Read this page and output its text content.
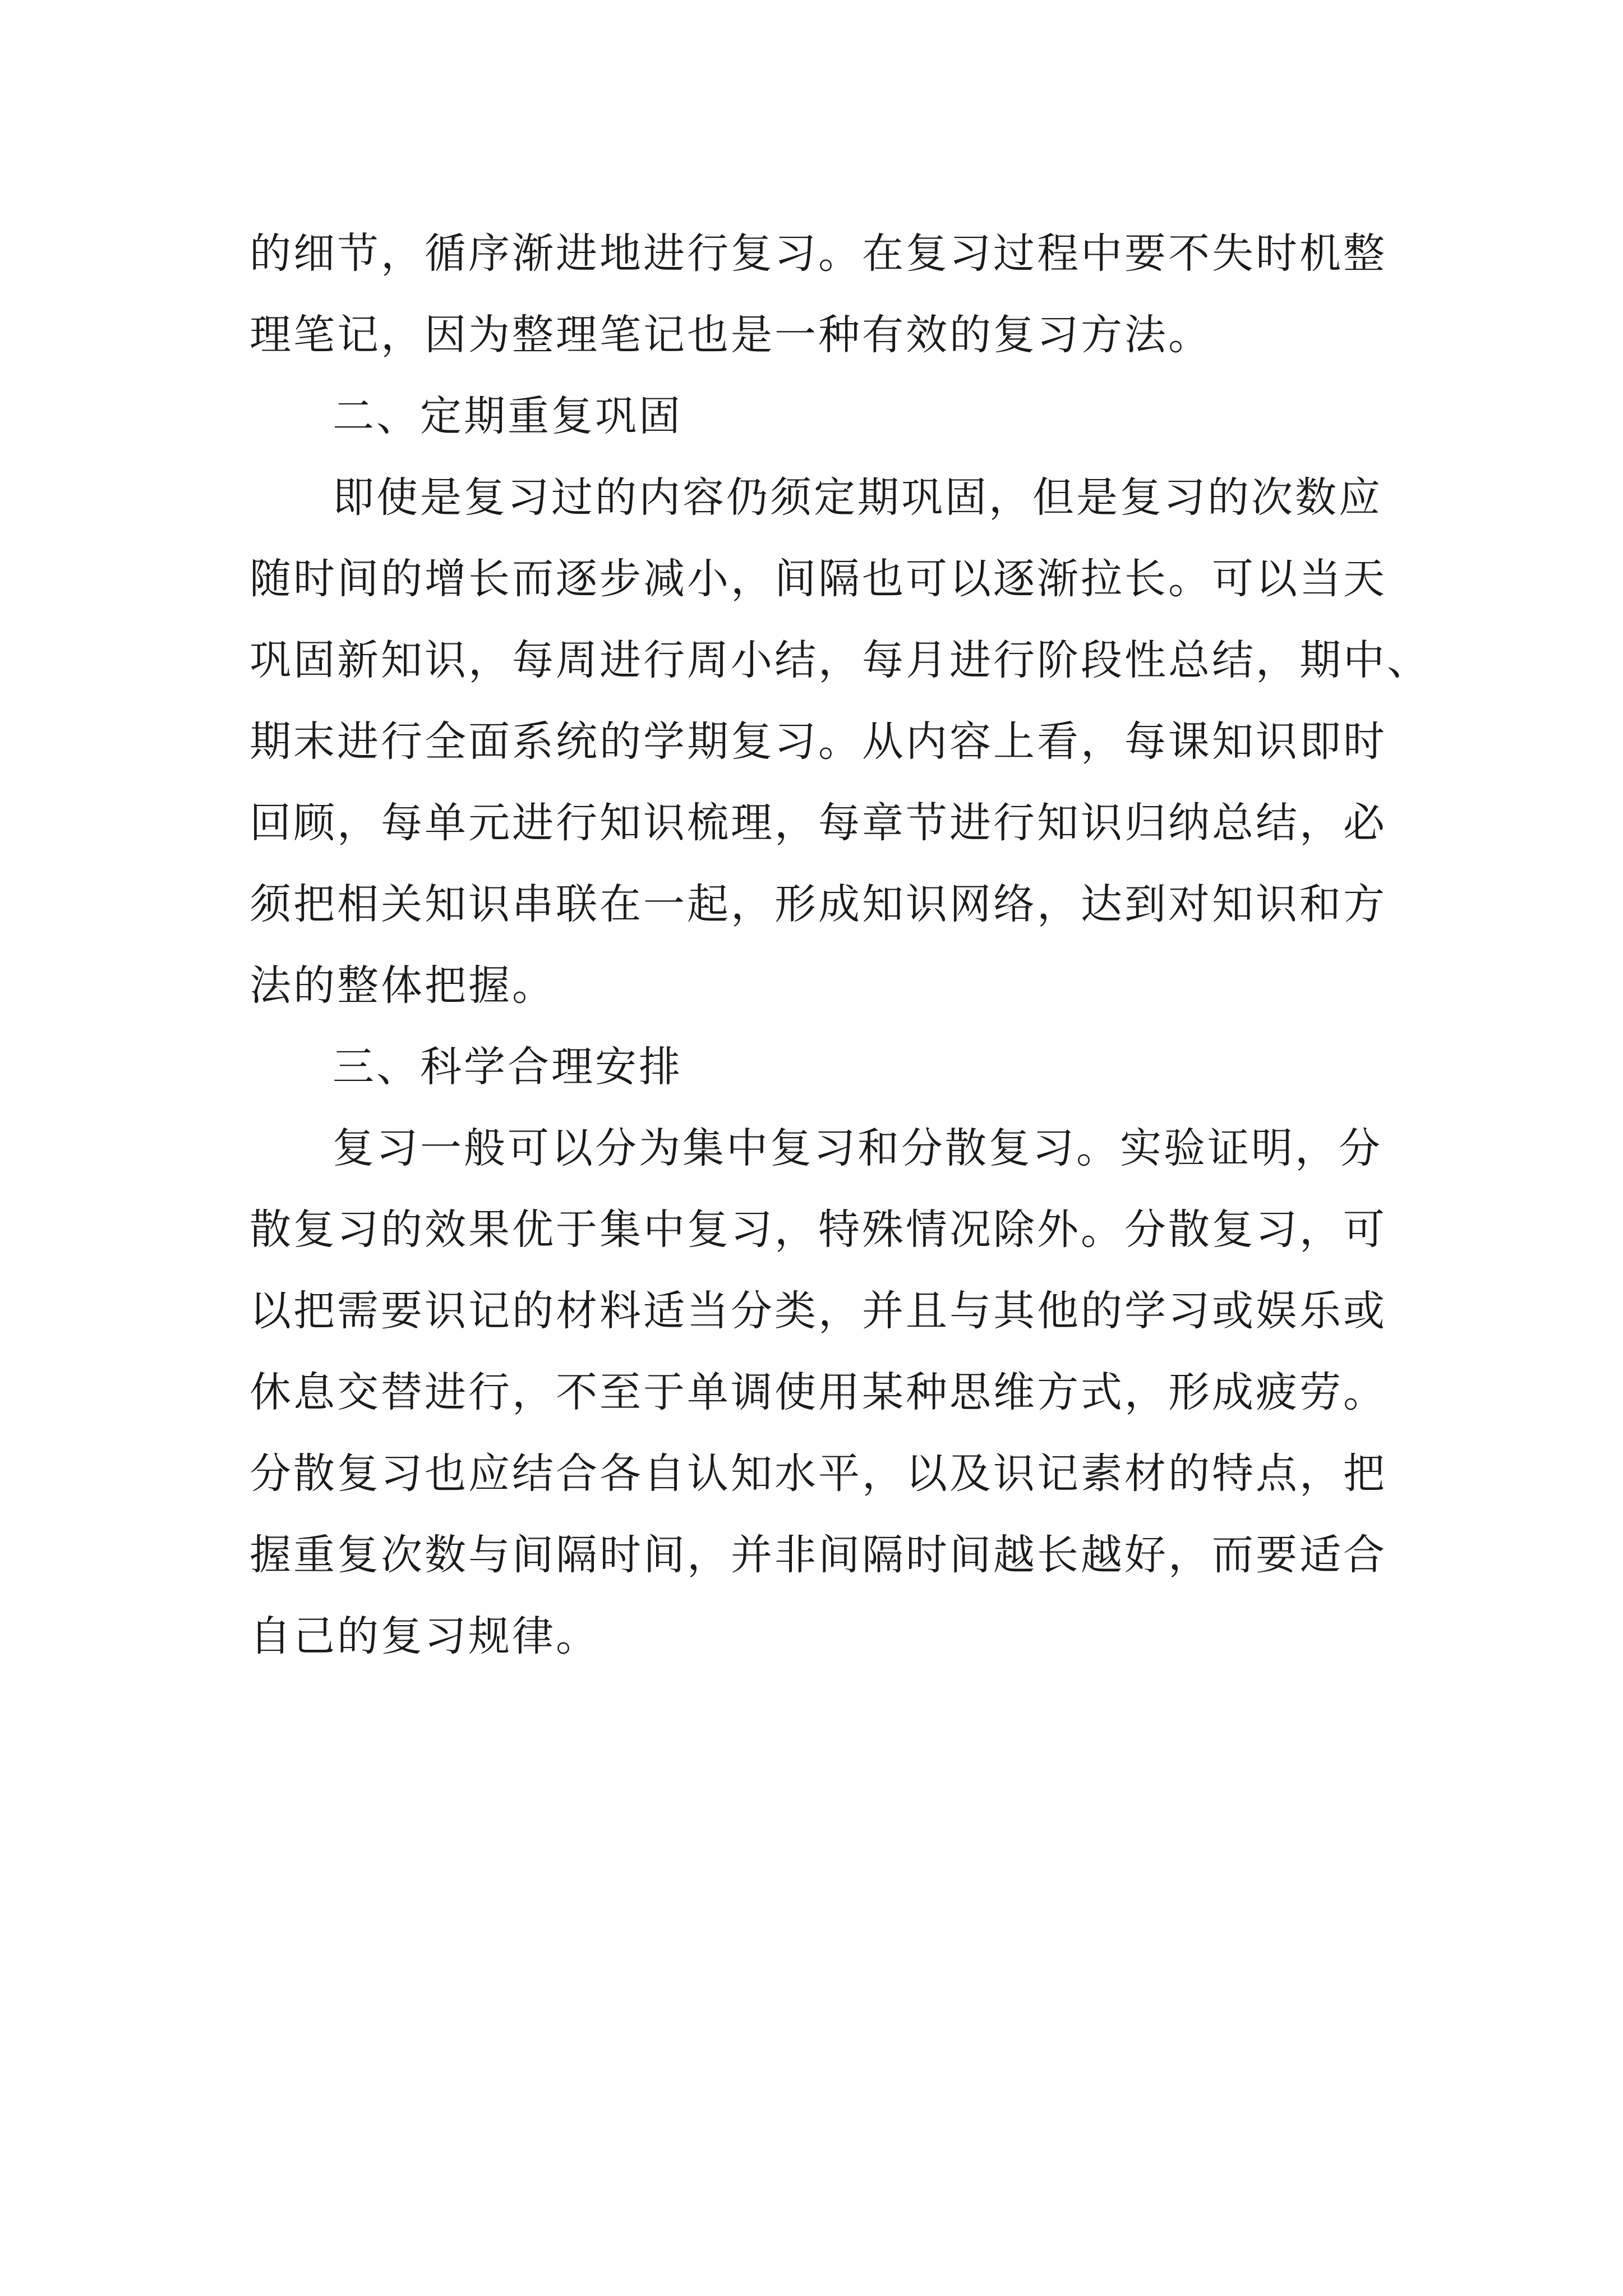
的细节，循序渐进地进行复习。在复习过程中要不失时机整
理笔记，因为整理笔记也是一种有效的复习方法。
二、定期重复巩固
即使是复习过的内容仍须定期巩固，但是复习的次数应
随时间的增长而逐步减小，间隔也可以逐渐拉长。可以当天
巩固新知识，每周进行周小结，每月进行阶段性总结，期中、
期末进行全面系统的学期复习。从内容上看，每课知识即时
回顾，每单元进行知识梳理，每章节进行知识归纳总结，必
须把相关知识串联在一起，形成知识网络，达到对知识和方
法的整体把握。
三、科学合理安排
复习一般可以分为集中复习和分散复习。实验证明，分
散复习的效果优于集中复习，特殊情况除外。分散复习，可
以把需要识记的材料适当分类，并且与其他的学习或娱乐或
休息交替进行，不至于单调使用某种思维方式，形成疲劳。
分散复习也应结合各自认知水平，以及识记素材的特点，把
握重复次数与间隔时间，并非间隔时间越长越好，而要适合
自己的复习规律。
